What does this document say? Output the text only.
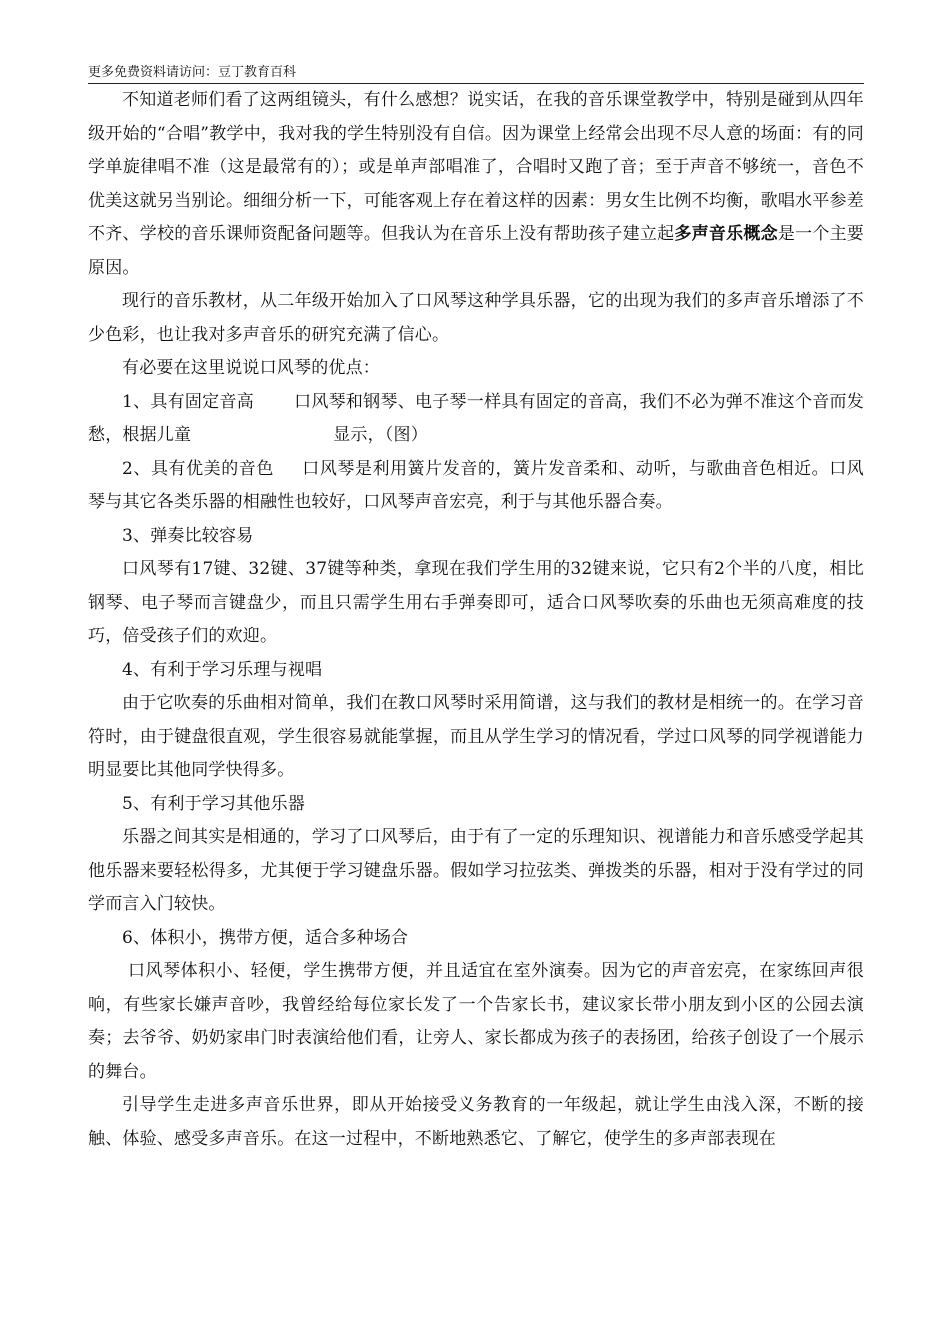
更多免费资料请访问：豆丁教育百科

不知道老师们看了这两组镜头，有什么感想？说实话，在我的音乐课堂教学中，特别是碰到从四年级开始的“合唱”教学中，我对我的学生特别没有自信。因为课堂上经常会出现不尽人意的场面：有的同学单旋律唱不准（这是最常有的）；或是单声部唱准了，合唱时又跑了音；至于声音不够统一，音色不优美这就另当别论。细细分析一下，可能客观上存在着这样的因素：男女生比例不均衡，歌唱水平参差不齐、学校的音乐课师资配备问题等。但我认为在音乐上没有帮助孩子建立起多声音乐概念是一个主要原因。

现行的音乐教材，从二年级开始加入了口风琴这种学具乐器，它的出现为我们的多声音乐增添了不少色彩，也让我对多声音乐的研究充满了信心。

有必要在这里说说口风琴的优点：

1、具有固定音高 口风琴和钢琴、电子琴一样具有固定的音高，我们不必为弹不准这个音而发愁，根据儿童	显示，（图）

2、具有优美的音色 口风琴是利用簧片发音的，簧片发音柔和、动听，与歌曲音色相近。口风琴与其它各类乐器的相融性也较好，口风琴声音宏亮，利于与其他乐器合奏。

3、弹奏比较容易

口风琴有17键、32键、37键等种类，拿现在我们学生用的32键来说，它只有2个半的八度，相比钢琴、电子琴而言键盘少，而且只需学生用右手弹奏即可，适合口风琴吹奏的乐曲也无须高难度的技巧，倍受孩子们的欢迎。

4、有利于学习乐理与视唱

由于它吹奏的乐曲相对简单，我们在教口风琴时采用简谱，这与我们的教材是相统一的。在学习音符时，由于键盘很直观，学生很容易就能掌握，而且从学生学习的情况看，学过口风琴的同学视谱能力明显要比其他同学快得多。

5、有利于学习其他乐器

乐器之间其实是相通的，学习了口风琴后，由于有了一定的乐理知识、视谱能力和音乐感受学起其他乐器来要轻松得多，尤其便于学习键盘乐器。假如学习拉弦类、弹拨类的乐器，相对于没有学过的同学而言入门较快。

6、体积小，携带方便，适合多种场合

口风琴体积小、轻便，学生携带方便，并且适宜在室外演奏。因为它的声音宏亮，在家练回声很响，有些家长嫌声音吵，我曾经给每位家长发了一个告家长书，建议家长带小朋友到小区的公园去演奏；去爷爷、奶奶家串门时表演给他们看，让旁人、家长都成为孩子的表扬团，给孩子创设了一个展示的舞台。

引导学生走进多声音乐世界，即从开始接受义务教育的一年级起，就让学生由浅入深，不断的接触、体验、感受多声音乐。在这一过程中，不断地熟悉它、了解它，使学生的多声部表现在
